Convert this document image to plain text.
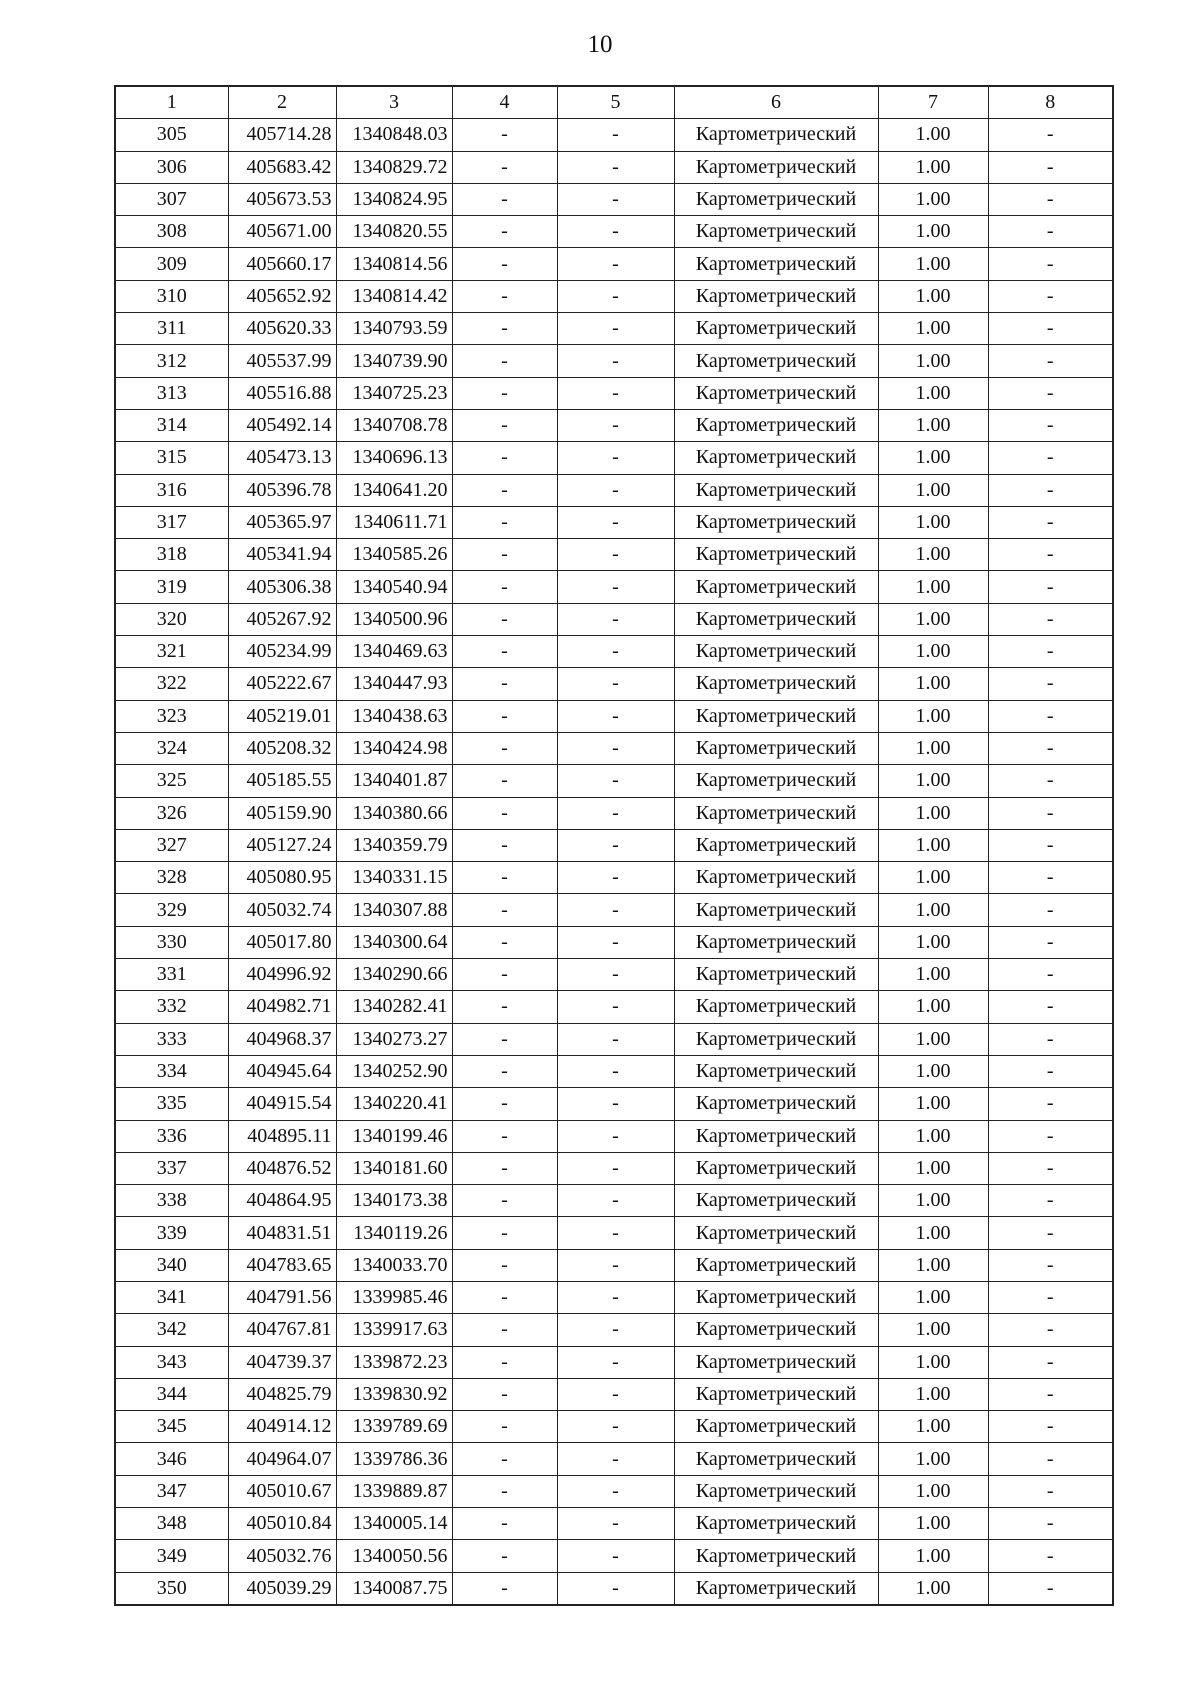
10
1	2	3	4	5	6	7	8
305	405714.28	1340848.03	-	-	Картометрический	1.00	-
306	405683.42	1340829.72	-	-	Картометрический	1.00	-
307	405673.53	1340824.95	-	-	Картометрический	1.00	-
308	405671.00	1340820.55	-	-	Картометрический	1.00	-
309	405660.17	1340814.56	-	-	Картометрический	1.00	-
310	405652.92	1340814.42	-	-	Картометрический	1.00	-
311	405620.33	1340793.59	-	-	Картометрический	1.00	-
312	405537.99	1340739.90	-	-	Картометрический	1.00	-
313	405516.88	1340725.23	-	-	Картометрический	1.00	-
314	405492.14	1340708.78	-	-	Картометрический	1.00	-
315	405473.13	1340696.13	-	-	Картометрический	1.00	-
316	405396.78	1340641.20	-	-	Картометрический	1.00	-
317	405365.97	1340611.71	-	-	Картометрический	1.00	-
318	405341.94	1340585.26	-	-	Картометрический	1.00	-
319	405306.38	1340540.94	-	-	Картометрический	1.00	-
320	405267.92	1340500.96	-	-	Картометрический	1.00	-
321	405234.99	1340469.63	-	-	Картометрический	1.00	-
322	405222.67	1340447.93	-	-	Картометрический	1.00	-
323	405219.01	1340438.63	-	-	Картометрический	1.00	-
324	405208.32	1340424.98	-	-	Картометрический	1.00	-
325	405185.55	1340401.87	-	-	Картометрический	1.00	-
326	405159.90	1340380.66	-	-	Картометрический	1.00	-
327	405127.24	1340359.79	-	-	Картометрический	1.00	-
328	405080.95	1340331.15	-	-	Картометрический	1.00	-
329	405032.74	1340307.88	-	-	Картометрический	1.00	-
330	405017.80	1340300.64	-	-	Картометрический	1.00	-
331	404996.92	1340290.66	-	-	Картометрический	1.00	-
332	404982.71	1340282.41	-	-	Картометрический	1.00	-
333	404968.37	1340273.27	-	-	Картометрический	1.00	-
334	404945.64	1340252.90	-	-	Картометрический	1.00	-
335	404915.54	1340220.41	-	-	Картометрический	1.00	-
336	404895.11	1340199.46	-	-	Картометрический	1.00	-
337	404876.52	1340181.60	-	-	Картометрический	1.00	-
338	404864.95	1340173.38	-	-	Картометрический	1.00	-
339	404831.51	1340119.26	-	-	Картометрический	1.00	-
340	404783.65	1340033.70	-	-	Картометрический	1.00	-
341	404791.56	1339985.46	-	-	Картометрический	1.00	-
342	404767.81	1339917.63	-	-	Картометрический	1.00	-
343	404739.37	1339872.23	-	-	Картометрический	1.00	-
344	404825.79	1339830.92	-	-	Картометрический	1.00	-
345	404914.12	1339789.69	-	-	Картометрический	1.00	-
346	404964.07	1339786.36	-	-	Картометрический	1.00	-
347	405010.67	1339889.87	-	-	Картометрический	1.00	-
348	405010.84	1340005.14	-	-	Картометрический	1.00	-
349	405032.76	1340050.56	-	-	Картометрический	1.00	-
350	405039.29	1340087.75	-	-	Картометрический	1.00	-
